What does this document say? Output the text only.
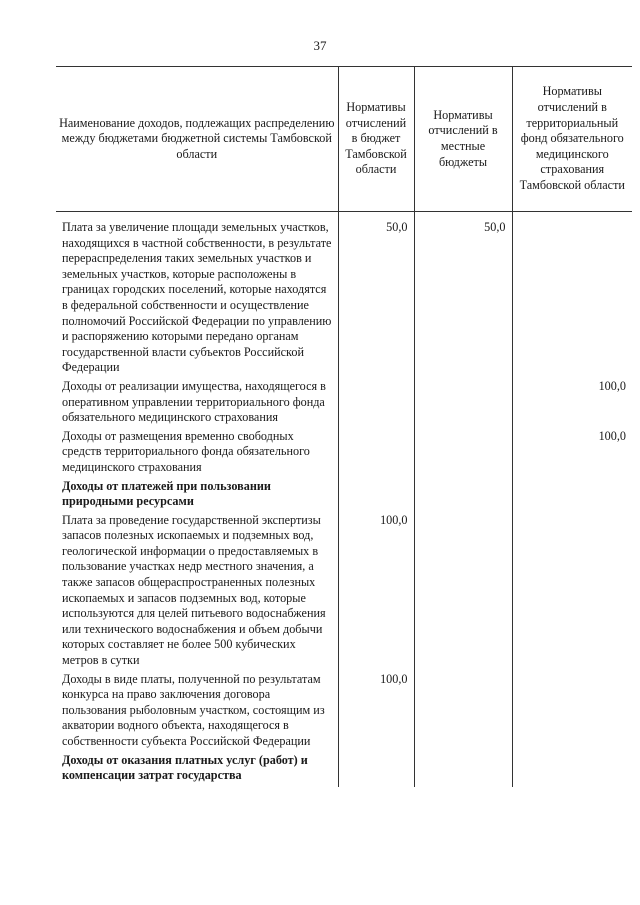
37
Наименование доходов, подлежащих распределению между бюджетами бюджетной системы Тамбовской области	Нормативы отчислений в бюджет Тамбовской области	Нормативы отчислений в местные бюджеты	Нормативы отчислений в территориальный фонд обязательного медицинского страхования Тамбовской области
Плата за увеличение площади земельных участков, находящихся в частной собственности, в результате перераспределения таких земельных участков и земельных участков, которые расположены в границах городских поселений, которые находятся в федеральной собственности и осуществление полномочий Российской Федерации по управлению и распоряжению которыми передано органам государственной власти субъектов Российской Федерации	50,0	50,0	
Доходы от реализации имущества, находящегося в оперативном управлении территориального фонда обязательного медицинского страхования			100,0
Доходы от размещения временно свободных средств территориального фонда обязательного медицинского страхования			100,0
Доходы от платежей при пользовании природными ресурсами			
Плата за проведение государственной экспертизы запасов полезных ископаемых и подземных вод, геологической информации о предоставляемых в пользование участках недр местного значения, а также запасов общераспространенных полезных ископаемых и запасов подземных вод, которые используются для целей питьевого водоснабжения или технического водоснабжения и объем добычи которых составляет не более 500 кубических метров в сутки	100,0		
Доходы в виде платы, полученной по результатам конкурса на право заключения договора пользования рыболовным участком, состоящим из акватории водного объекта, находящегося в собственности субъекта Российской Федерации	100,0		
Доходы от оказания платных услуг (работ) и компенсации затрат государства			
